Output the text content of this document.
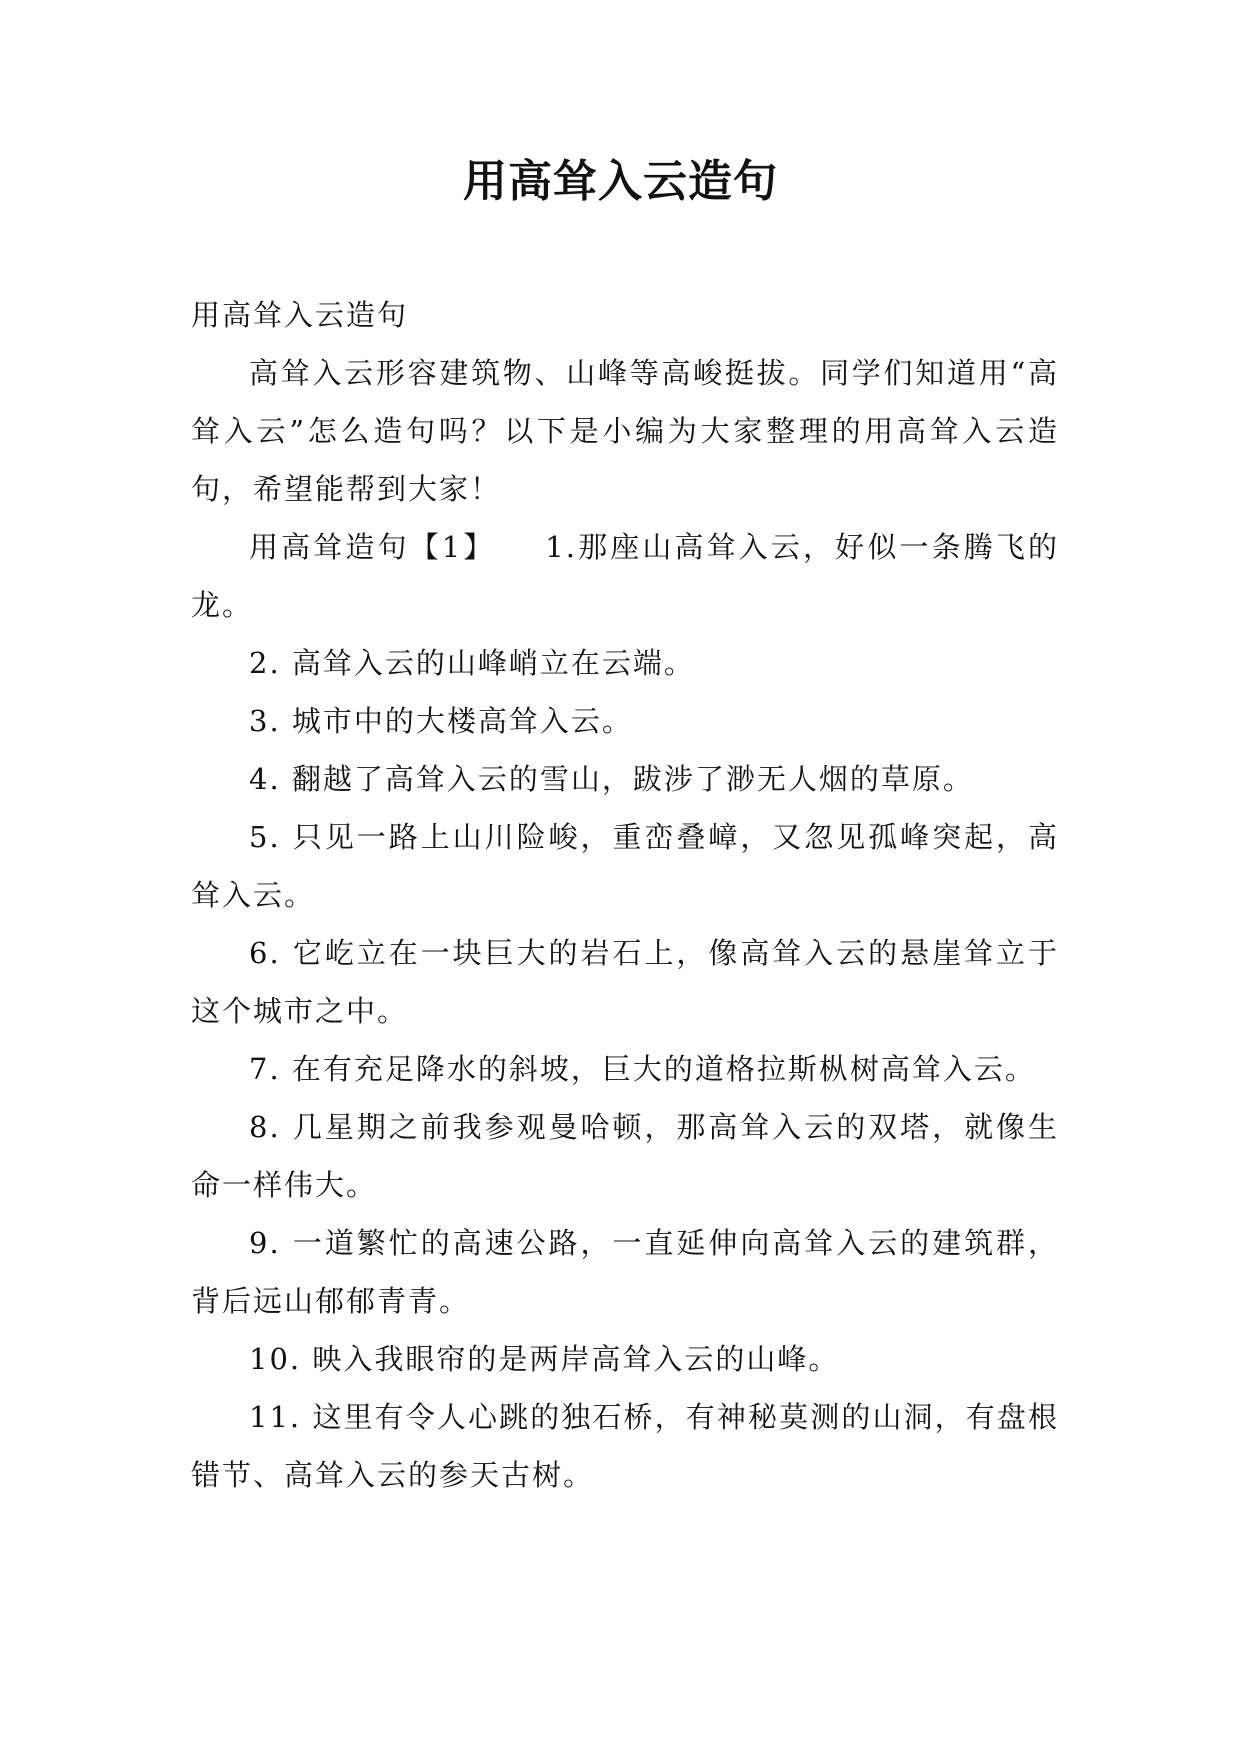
用高耸入云造句

用高耸入云造句

高耸入云形容建筑物、山峰等高峻挺拔。同学们知道用“高耸入云”怎么造句吗？以下是小编为大家整理的用高耸入云造句，希望能帮到大家！

用高耸造句【1】　　1.那座山高耸入云，好似一条腾飞的龙。

2. 高耸入云的山峰峭立在云端。

3. 城市中的大楼高耸入云。

4. 翻越了高耸入云的雪山，跋涉了渺无人烟的草原。

5. 只见一路上山川险峻，重峦叠嶂，又忽见孤峰突起，高耸入云。

6. 它屹立在一块巨大的岩石上，像高耸入云的悬崖耸立于这个城市之中。

7. 在有充足降水的斜坡，巨大的道格拉斯枞树高耸入云。

8. 几星期之前我参观曼哈顿，那高耸入云的双塔，就像生命一样伟大。

9. 一道繁忙的高速公路，一直延伸向高耸入云的建筑群，背后远山郁郁青青。

10. 映入我眼帘的是两岸高耸入云的山峰。

11. 这里有令人心跳的独石桥，有神秘莫测的山洞，有盘根错节、高耸入云的参天古树。
